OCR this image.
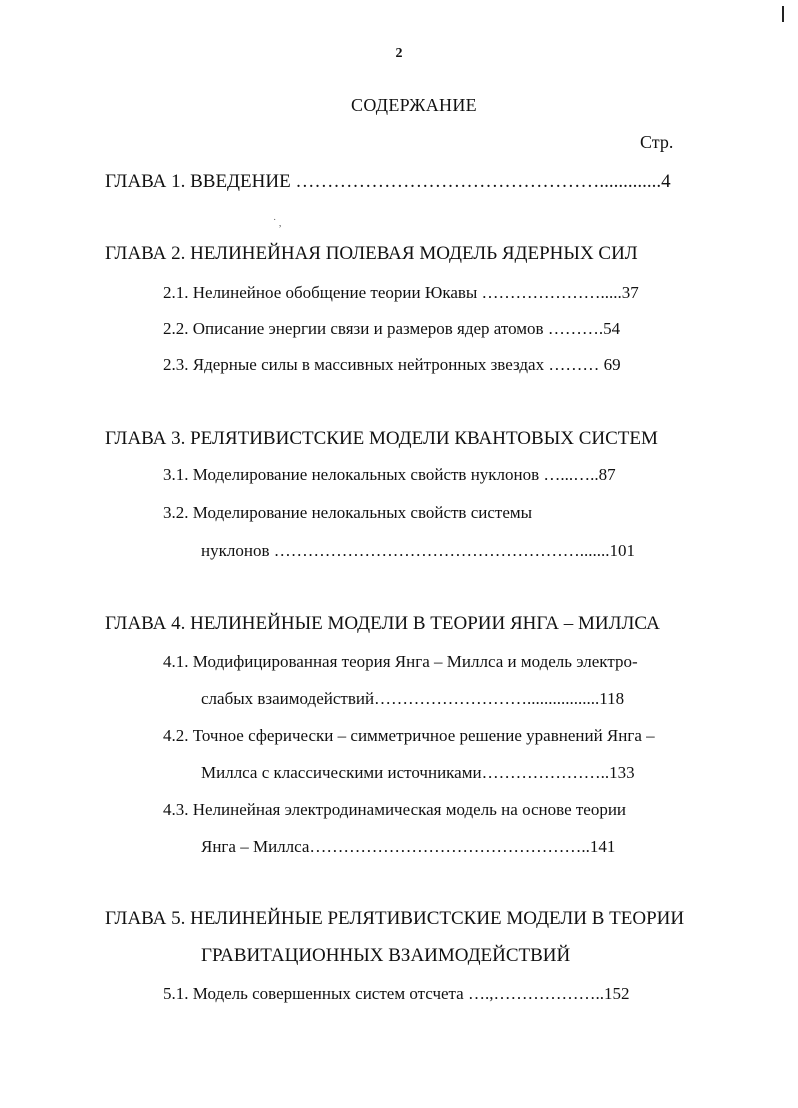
˙ ,
2
СОДЕРЖАНИЕ
Стр.
ГЛАВА 1. ВВЕДЕНИЕ ………………………………………….............4
ГЛАВА 2. НЕЛИНЕЙНАЯ ПОЛЕВАЯ МОДЕЛЬ ЯДЕРНЫХ СИЛ
2.1. Нелинейное обобщение теории Юкавы ………………….....37
2.2. Описание энергии связи и размеров ядер атомов ……….54
2.3. Ядерные силы в массивных нейтронных звездах ……… 69
ГЛАВА 3. РЕЛЯТИВИСТСКИЕ МОДЕЛИ КВАНТОВЫХ СИСТЕМ
3.1. Моделирование нелокальных свойств нуклонов …...…..87
3.2. Моделирование нелокальных свойств системы
нуклонов ……………………………………………….......101
ГЛАВА 4. НЕЛИНЕЙНЫЕ МОДЕЛИ В ТЕОРИИ ЯНГА – МИЛЛСА
4.1. Модифицированная теория Янга – Миллса и модель электро-
слабых взаимодействий……………………….................118
4.2. Точное сферически – симметричное решение уравнений Янга –
Миллса с классическими источниками…………………..133
4.3. Нелинейная электродинамическая модель на основе теории
Янга – Миллса…………………………………………..141
ГЛАВА 5. НЕЛИНЕЙНЫЕ РЕЛЯТИВИСТСКИЕ МОДЕЛИ В ТЕОРИИ
ГРАВИТАЦИОННЫХ ВЗАИМОДЕЙСТВИЙ
5.1. Модель совершенных систем отсчета ….,………………..152
